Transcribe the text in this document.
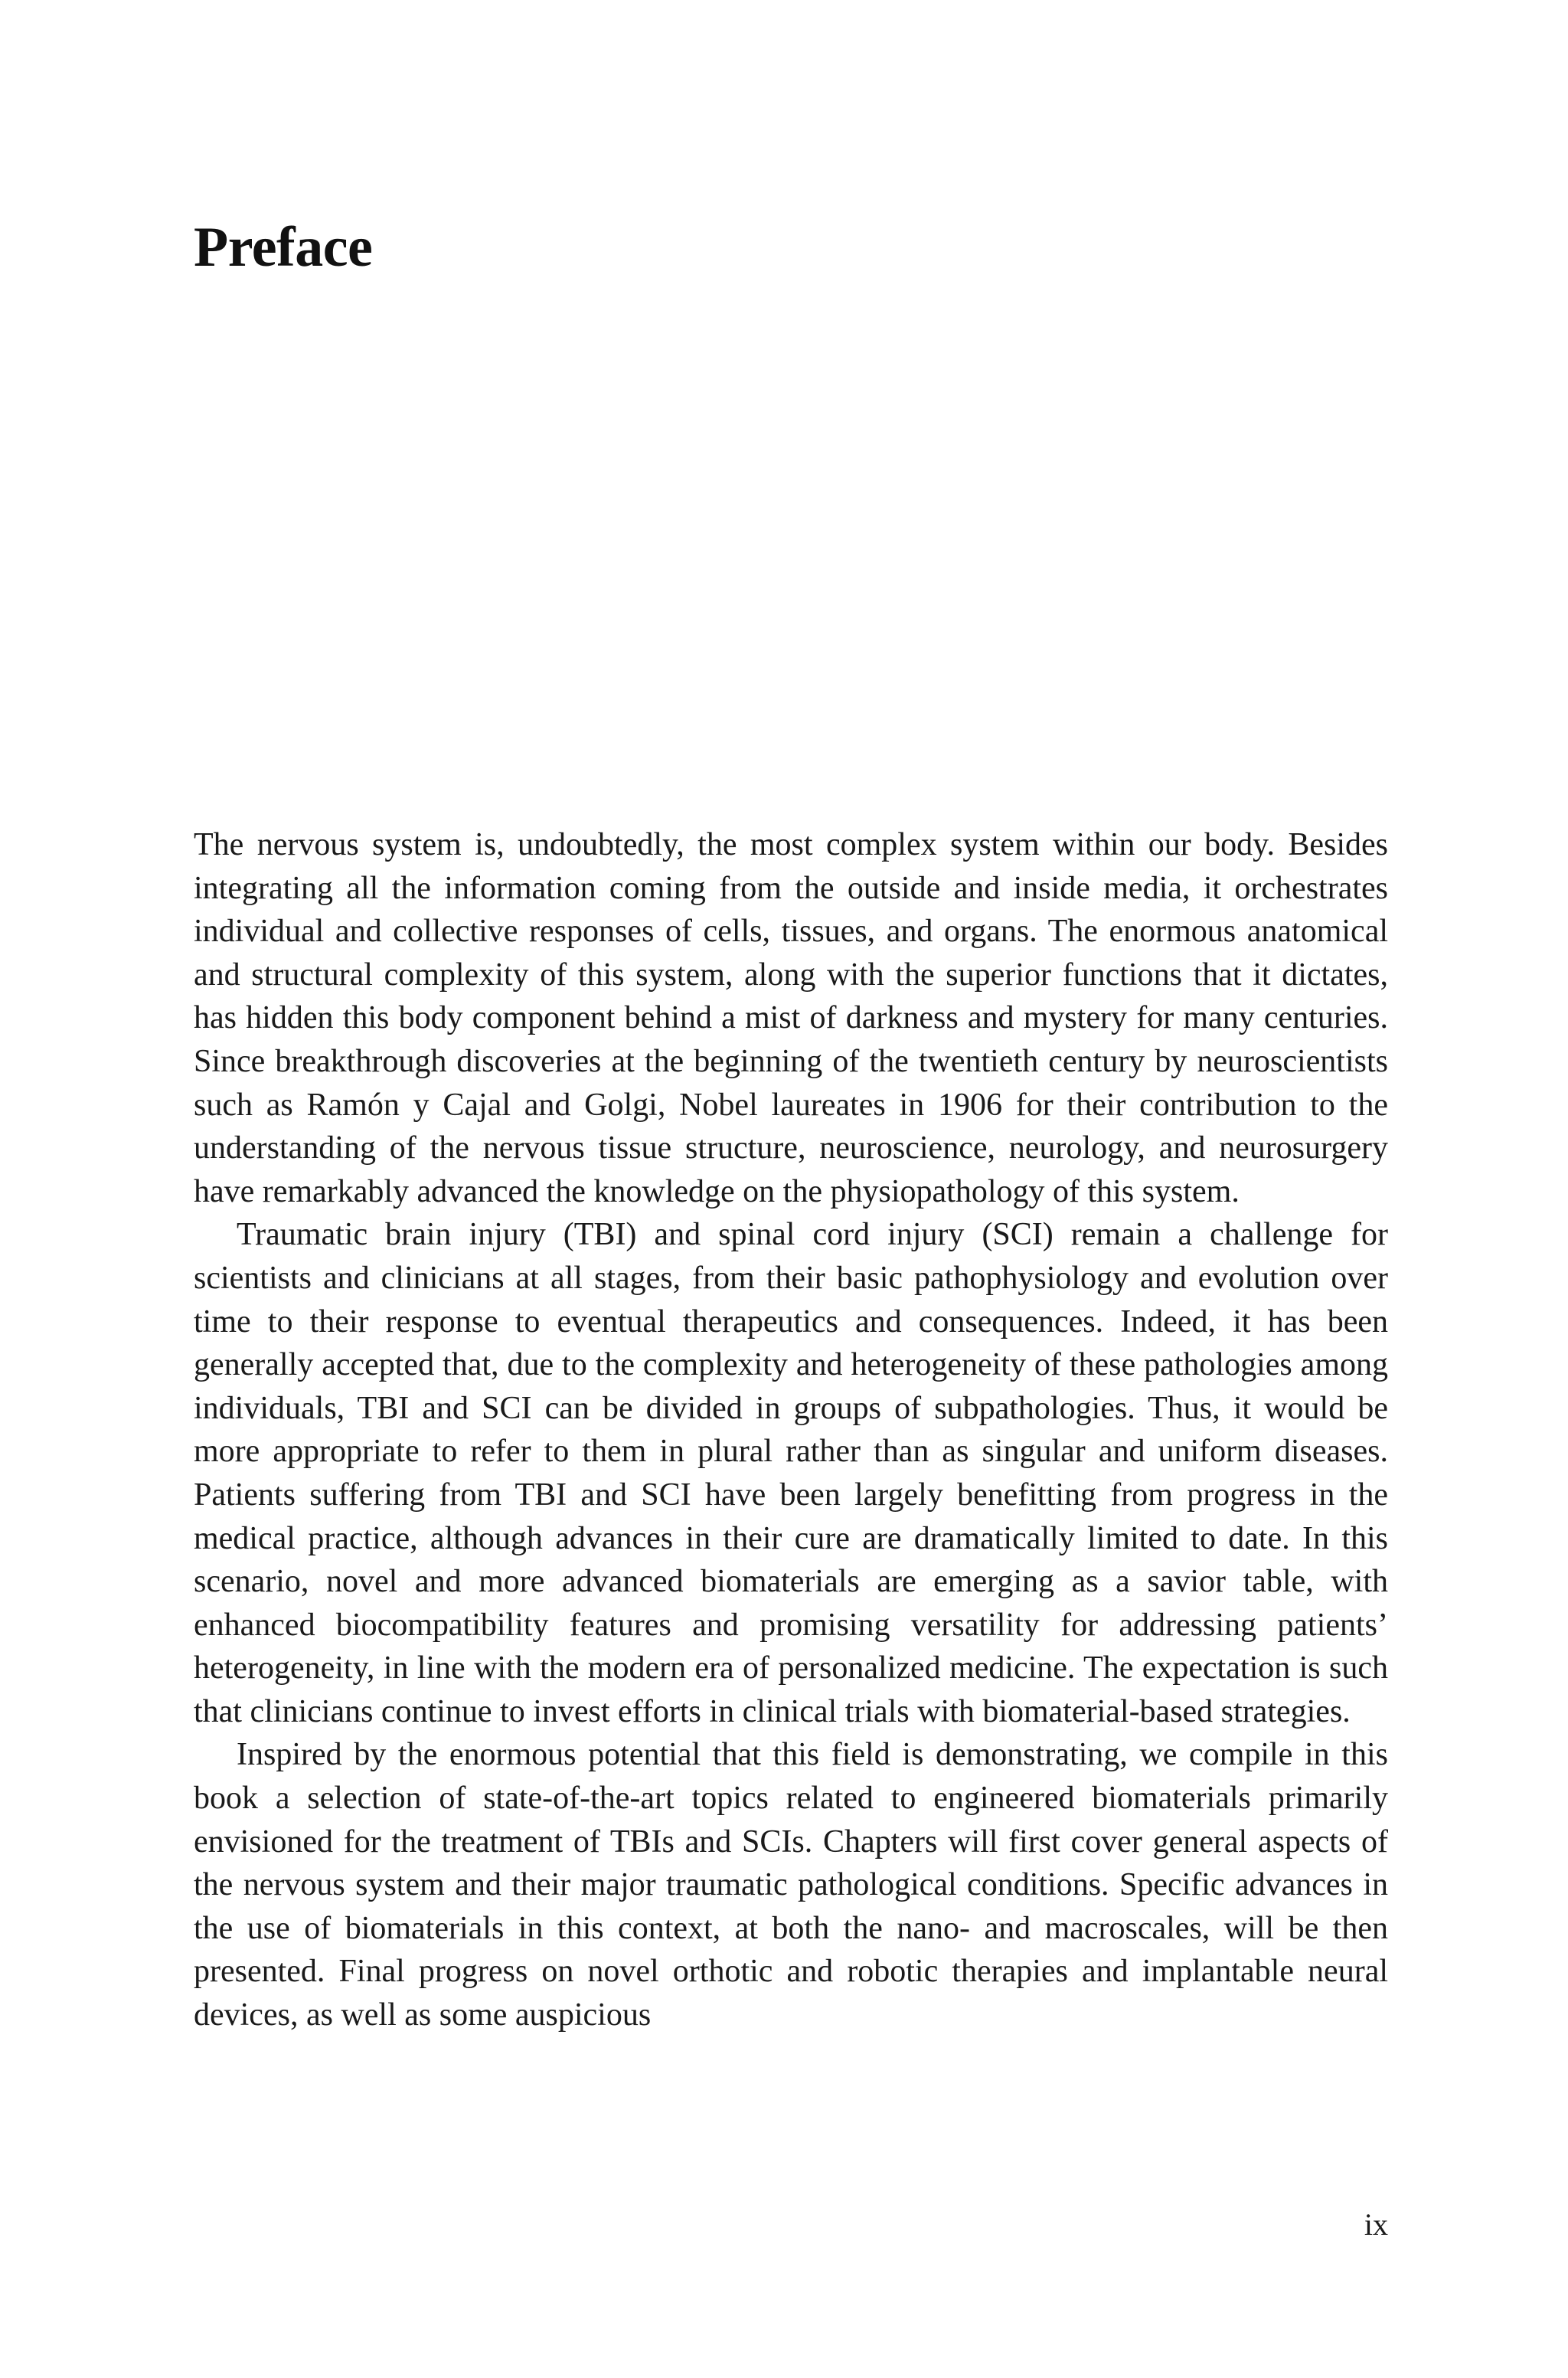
Preface

The nervous system is, undoubtedly, the most complex system within our body. Besides integrating all the information coming from the outside and inside media, it orchestrates individual and collective responses of cells, tissues, and organs. The enormous anatomical and structural complexity of this system, along with the superior functions that it dictates, has hidden this body component behind a mist of darkness and mystery for many centuries. Since breakthrough discoveries at the beginning of the twentieth century by neuroscientists such as Ramón y Cajal and Golgi, Nobel laureates in 1906 for their contribution to the understanding of the nervous tissue structure, neuroscience, neurology, and neurosurgery have remarkably advanced the knowledge on the physiopathology of this system.

Traumatic brain injury (TBI) and spinal cord injury (SCI) remain a challenge for scientists and clinicians at all stages, from their basic pathophysiology and evolution over time to their response to eventual therapeutics and consequences. Indeed, it has been generally accepted that, due to the complexity and heterogeneity of these pathologies among individuals, TBI and SCI can be divided in groups of subpathologies. Thus, it would be more appropriate to refer to them in plural rather than as singular and uniform diseases. Patients suffering from TBI and SCI have been largely benefitting from progress in the medical practice, although advances in their cure are dramatically limited to date. In this scenario, novel and more advanced biomaterials are emerging as a savior table, with enhanced biocompatibility features and promising versatility for addressing patients’ heterogeneity, in line with the modern era of personalized medicine. The expectation is such that clinicians continue to invest efforts in clinical trials with biomaterial-based strategies.

Inspired by the enormous potential that this field is demonstrating, we compile in this book a selection of state-of-the-art topics related to engineered biomaterials primarily envisioned for the treatment of TBIs and SCIs. Chapters will first cover general aspects of the nervous system and their major traumatic pathological conditions. Specific advances in the use of biomaterials in this context, at both the nano- and macroscales, will be then presented. Final progress on novel orthotic and robotic therapies and implantable neural devices, as well as some auspicious

ix
